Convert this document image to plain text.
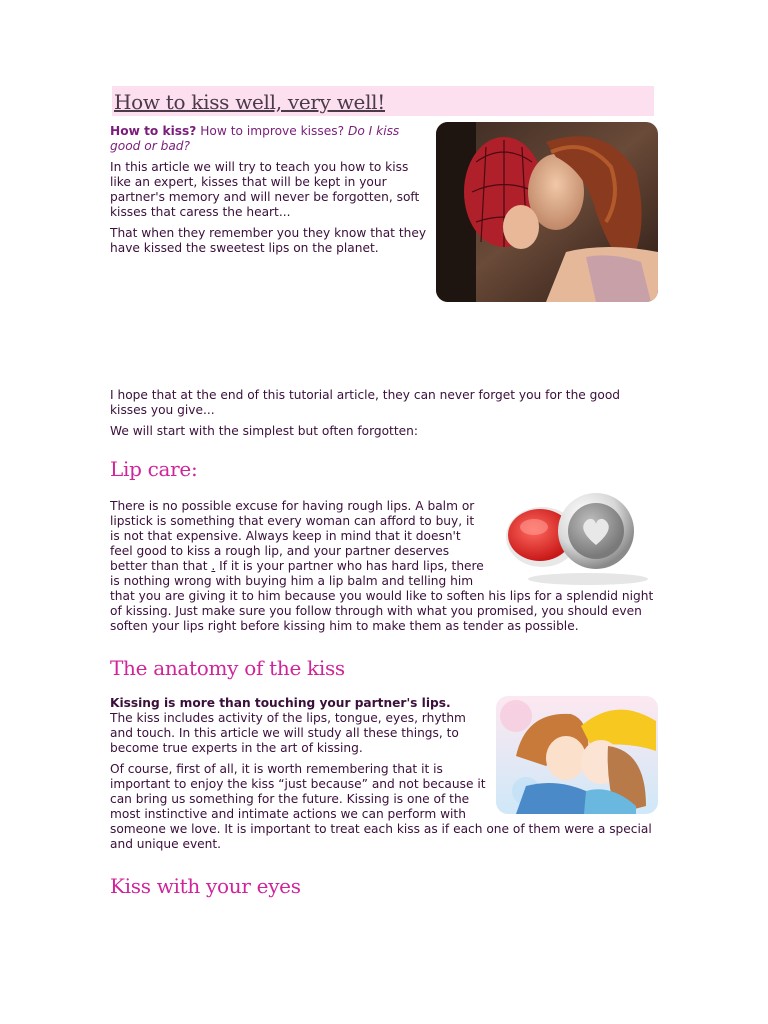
How to kiss well, very well!

How to kiss? How to improve kisses? Do I kiss good or bad?

In this article we will try to teach you how to kiss like an expert, kisses that will be kept in your partner's memory and will never be forgotten, soft kisses that caress the heart...

That when they remember you they know that they have kissed the sweetest lips on the planet.

I hope that at the end of this tutorial article, they can never forget you for the good kisses you give...

We will start with the simplest but often forgotten:

Lip care:

There is no possible excuse for having rough lips. A balm or lipstick is something that every woman can afford to buy, it is not that expensive. Always keep in mind that it doesn't feel good to kiss a rough lip, and your partner deserves better than that . If it is your partner who has hard lips, there is nothing wrong with buying him a lip balm and telling him that you are giving it to him because you would like to soften his lips for a splendid night of kissing. Just make sure you follow through with what you promised, you should even soften your lips right before kissing him to make them as tender as possible.

The anatomy of the kiss

Kissing is more than touching your partner's lips.

The kiss includes activity of the lips, tongue, eyes, rhythm and touch. In this article we will study all these things, to become true experts in the art of kissing.

Of course, first of all, it is worth remembering that it is important to enjoy the kiss “just because” and not because it can bring us something for the future. Kissing is one of the most instinctive and intimate actions we can perform with someone we love. It is important to treat each kiss as if each one of them were a special and unique event.

Kiss with your eyes
